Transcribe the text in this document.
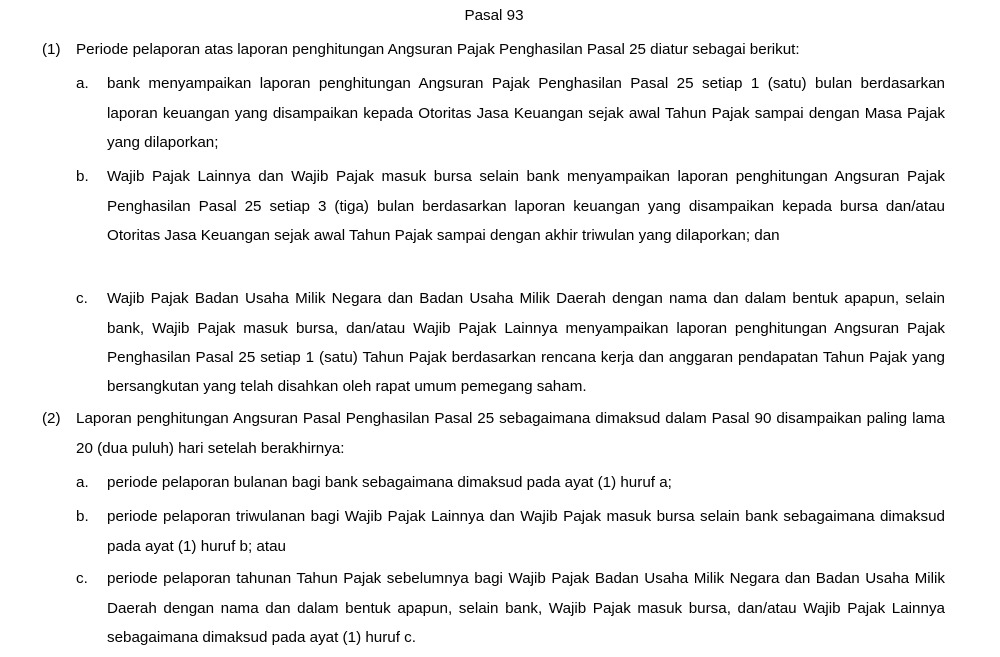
Pasal 93
(1) Periode pelaporan atas laporan penghitungan Angsuran Pajak Penghasilan Pasal 25 diatur sebagai berikut:
a. bank menyampaikan laporan penghitungan Angsuran Pajak Penghasilan Pasal 25 setiap 1 (satu) bulan berdasarkan laporan keuangan yang disampaikan kepada Otoritas Jasa Keuangan sejak awal Tahun Pajak sampai dengan Masa Pajak yang dilaporkan;
b. Wajib Pajak Lainnya dan Wajib Pajak masuk bursa selain bank menyampaikan laporan penghitungan Angsuran Pajak Penghasilan Pasal 25 setiap 3 (tiga) bulan berdasarkan laporan keuangan yang disampaikan kepada bursa dan/atau Otoritas Jasa Keuangan sejak awal Tahun Pajak sampai dengan akhir triwulan yang dilaporkan; dan
c. Wajib Pajak Badan Usaha Milik Negara dan Badan Usaha Milik Daerah dengan nama dan dalam bentuk apapun, selain bank, Wajib Pajak masuk bursa, dan/atau Wajib Pajak Lainnya menyampaikan laporan penghitungan Angsuran Pajak Penghasilan Pasal 25 setiap 1 (satu) Tahun Pajak berdasarkan rencana kerja dan anggaran pendapatan Tahun Pajak yang bersangkutan yang telah disahkan oleh rapat umum pemegang saham.
(2) Laporan penghitungan Angsuran Pasal Penghasilan Pasal 25 sebagaimana dimaksud dalam Pasal 90 disampaikan paling lama 20 (dua puluh) hari setelah berakhirnya:
a. periode pelaporan bulanan bagi bank sebagaimana dimaksud pada ayat (1) huruf a;
b. periode pelaporan triwulanan bagi Wajib Pajak Lainnya dan Wajib Pajak masuk bursa selain bank sebagaimana dimaksud pada ayat (1) huruf b; atau
c. periode pelaporan tahunan Tahun Pajak sebelumnya bagi Wajib Pajak Badan Usaha Milik Negara dan Badan Usaha Milik Daerah dengan nama dan dalam bentuk apapun, selain bank, Wajib Pajak masuk bursa, dan/atau Wajib Pajak Lainnya sebagaimana dimaksud pada ayat (1) huruf c.
